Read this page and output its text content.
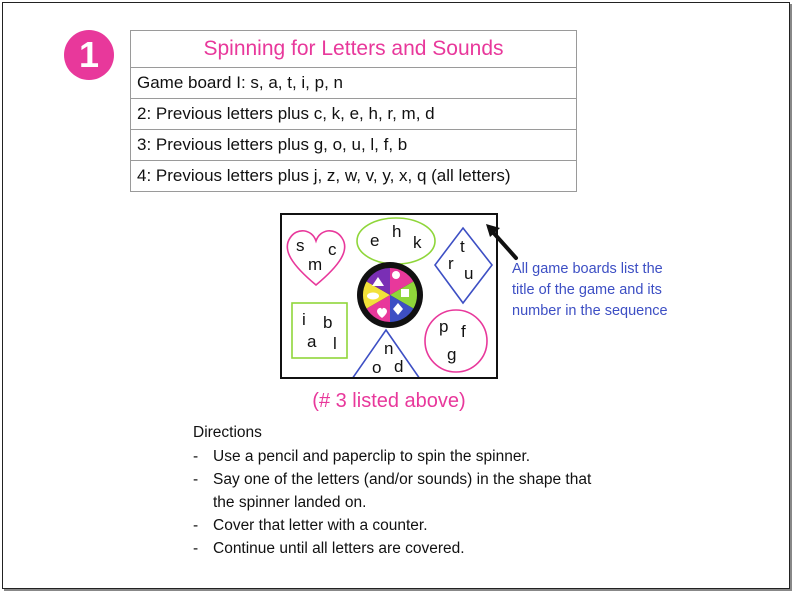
1	Spinning for Letters and Sounds
Game board I: s, a, t, i, p, n
2: Previous letters plus c, k, e, h, r, m, d
3: Previous letters plus g, o, u, l, f, b
4: Previous letters plus j, z, w, v, y, x, q (all letters)
s c
m
e h
k t
r
u
i b
a l	n
o d
p f
g
All game boards list the title of the game and its number in the sequence
(# 3 listed above)
Directions
- Use a pencil and paperclip to spin the spinner.
- Say one of the letters (and/or sounds) in the shape that the spinner landed on.
- Cover that letter with a counter.
- Continue until all letters are covered.
